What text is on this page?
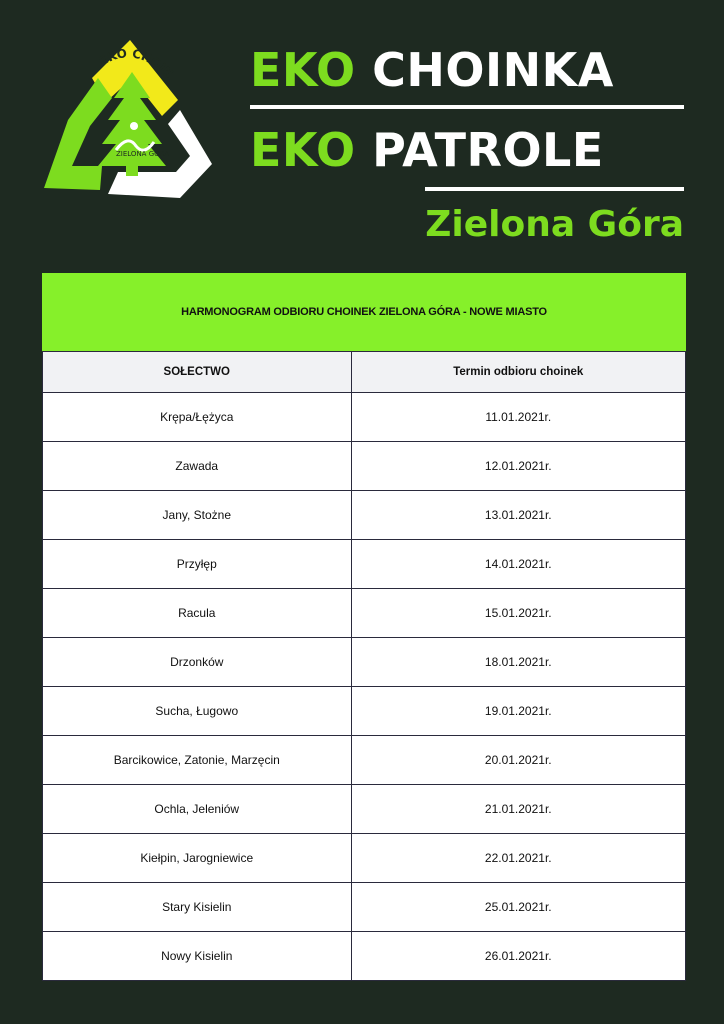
EKO CHOIN
ZIELONA GÓRA
EKO CHOINKA
EKO PATROLE
Zielona Góra
HARMONOGRAM ODBIORU CHOINEK ZIELONA GÓRA - NOWE MIASTO
SOŁECTWO	Termin odbioru choinek
Krępa/Łężyca	11.01.2021r.
Zawada	12.01.2021r.
Jany, Stożne	13.01.2021r.
Przyłęp	14.01.2021r.
Racula	15.01.2021r.
Drzonków	18.01.2021r.
Sucha, Ługowo	19.01.2021r.
Barcikowice, Zatonie, Marzęcin	20.01.2021r.
Ochla, Jeleniów	21.01.2021r.
Kiełpin, Jarogniewice	22.01.2021r.
Stary Kisielin	25.01.2021r.
Nowy Kisielin	26.01.2021r.
